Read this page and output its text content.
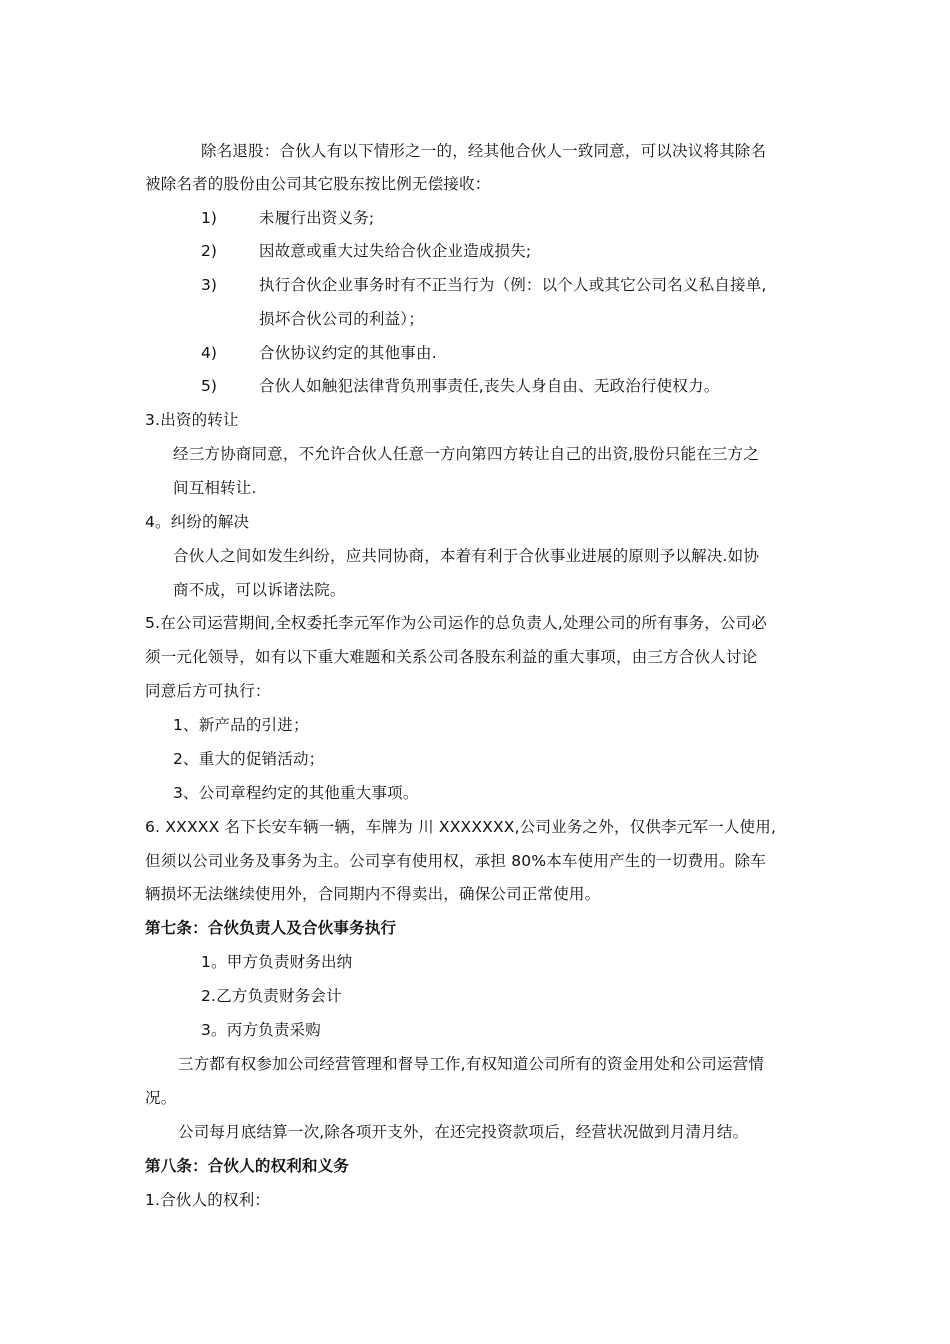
除名退股：合伙人有以下情形之一的，经其他合伙人一致同意，可以决议将其除名
被除名者的股份由公司其它股东按比例无偿接收：
1)	未履行出资义务;
2)	因故意或重大过失给合伙企业造成损失;
3)	执行合伙企业事务时有不正当行为（例：以个人或其它公司名义私自接单,
损坏合伙公司的利益）；
4)	合伙协议约定的其他事由.
5)	合伙人如触犯法律背负刑事责任,丧失人身自由、无政治行使权力。
3.出资的转让
经三方协商同意，不允许合伙人任意一方向第四方转让自己的出资,股份只能在三方之
间互相转让.
4。纠纷的解决
合伙人之间如发生纠纷，应共同协商，本着有利于合伙事业进展的原则予以解决.如协
商不成，可以诉诸法院。
5.在公司运营期间,全权委托李元军作为公司运作的总负责人,处理公司的所有事务，公司必
须一元化领导，如有以下重大难题和关系公司各股东利益的重大事项，由三方合伙人讨论
同意后方可执行：
1、新产品的引进；
2、重大的促销活动；
3、公司章程约定的其他重大事项。
6. XXXXX 名下长安车辆一辆，车牌为 川 XXXXXXX,公司业务之外，仅供李元军一人使用,
但须以公司业务及事务为主。公司享有使用权，承担 80%本车使用产生的一切费用。除车
辆损坏无法继续使用外，合同期内不得卖出，确保公司正常使用。
第七条：合伙负责人及合伙事务执行
1。甲方负责财务出纳
2.乙方负责财务会计
3。丙方负责采购
三方都有权参加公司经营管理和督导工作,有权知道公司所有的资金用处和公司运营情
况。
公司每月底结算一次,除各项开支外，在还完投资款项后，经营状况做到月清月结。
第八条：合伙人的权利和义务
1.合伙人的权利：
